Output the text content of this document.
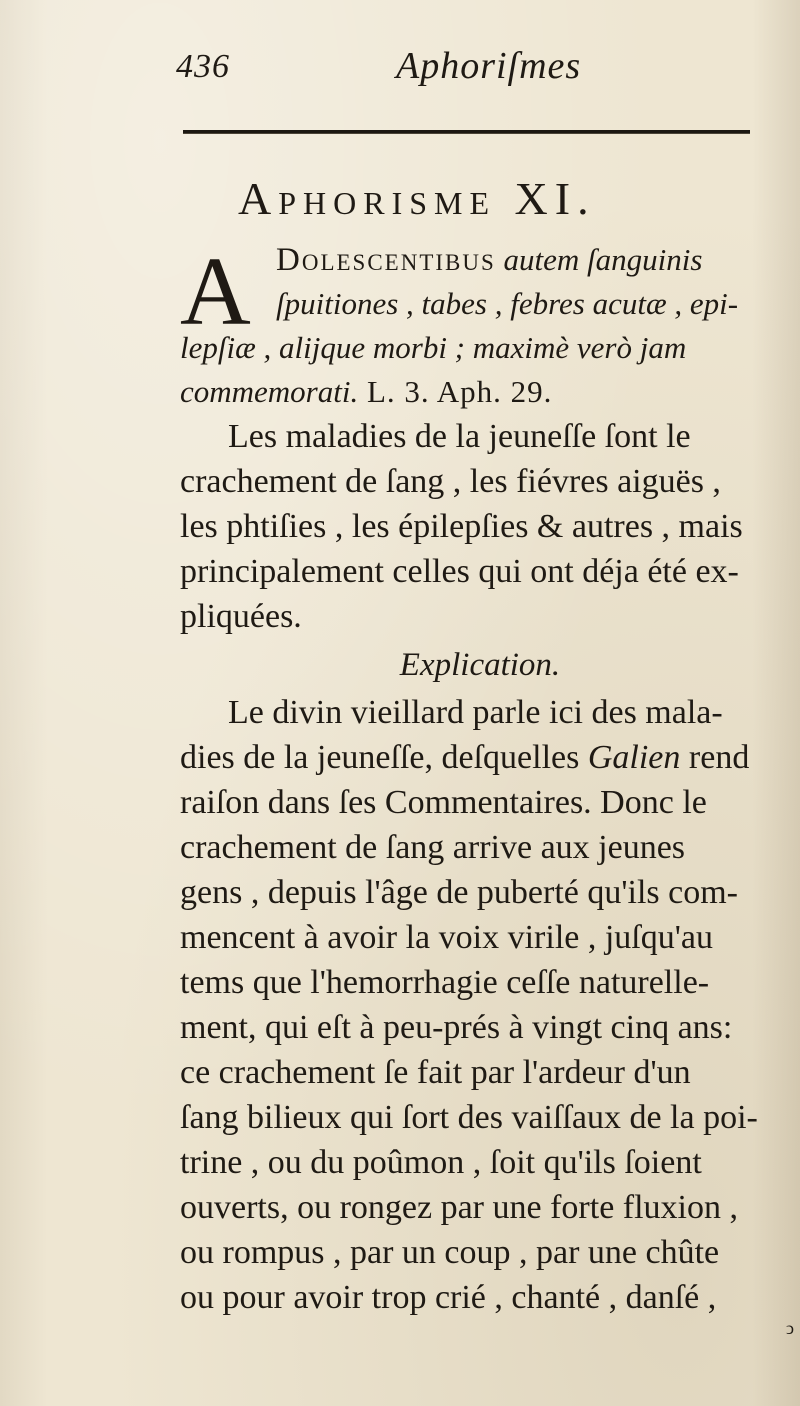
436	Aphoriſmes
Aphorisme XI.
A Dolescentibus autem ſanguinis
ſpuitiones , tabes , febres acutæ , epi-
lepſiæ , alijque morbi ; maximè verò jam
commemorati. L. 3. Aph. 29.
Les maladies de la jeuneſſe ſont le
crachement de ſang , les fiévres aiguës ,
les phtiſies , les épilepſies & autres , mais
principalement celles qui ont déja été ex-
pliquées.
Explication.
Le divin vieillard parle ici des mala-
dies de la jeuneſſe, deſquelles Galien rend
raiſon dans ſes Commentaires. Donc le
crachement de ſang arrive aux jeunes
gens , depuis l'âge de puberté qu'ils com-
mencent à avoir la voix virile , juſqu'au
tems que l'hemorrhagie ceſſe naturelle-
ment, qui eſt à peu-prés à vingt cinq ans:
ce crachement ſe fait par l'ardeur d'un
ſang bilieux qui ſort des vaiſſaux de la poi-
trine , ou du poûmon , ſoit qu'ils ſoient
ouverts, ou rongez par une forte fluxion ,
ou rompus , par un coup , par une chûte
ou pour avoir trop crié , chanté , danſé ,
ↄ
